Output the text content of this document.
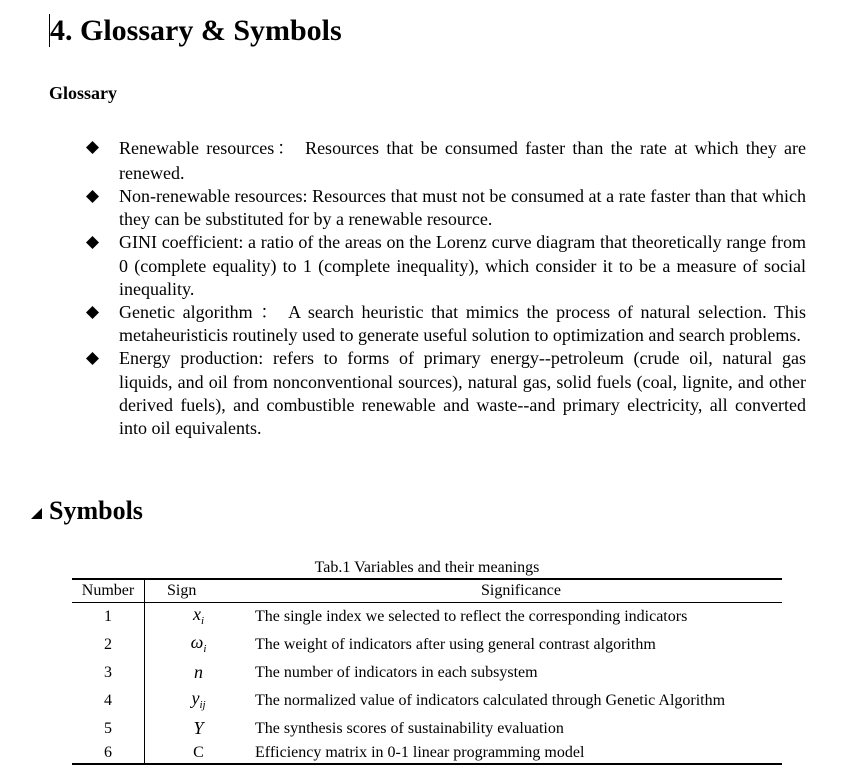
4. Glossary & Symbols
Glossary
Renewable resources： Resources that be consumed faster than the rate at which they are renewed.
Non-renewable resources: Resources that must not be consumed at a rate faster than that which they can be substituted for by a renewable resource.
GINI coefficient: a ratio of the areas on the Lorenz curve diagram that theoretically range from 0 (complete equality) to 1 (complete inequality), which consider it to be a measure of social inequality.
Genetic algorithm ： A search heuristic that mimics the process of natural selection. This metaheuristicis routinely used to generate useful solution to optimization and search problems.
Energy production: refers to forms of primary energy--petroleum (crude oil, natural gas liquids, and oil from nonconventional sources), natural gas, solid fuels (coal, lignite, and other derived fuels), and combustible renewable and waste--and primary electricity, all converted into oil equivalents.
Symbols
Tab.1 Variables and their meanings
Number	Sign	Significance
1	$x_i$	The single index we selected to reflect the corresponding indicators
2	$\omega_i$	The weight of indicators after using general contrast algorithm
3	n	The number of indicators in each subsystem
4	$y_{ij}$	The normalized value of indicators calculated through Genetic Algorithm
5	Y	The synthesis scores of sustainability evaluation
6	C	Efficiency matrix in 0-1 linear programming model
